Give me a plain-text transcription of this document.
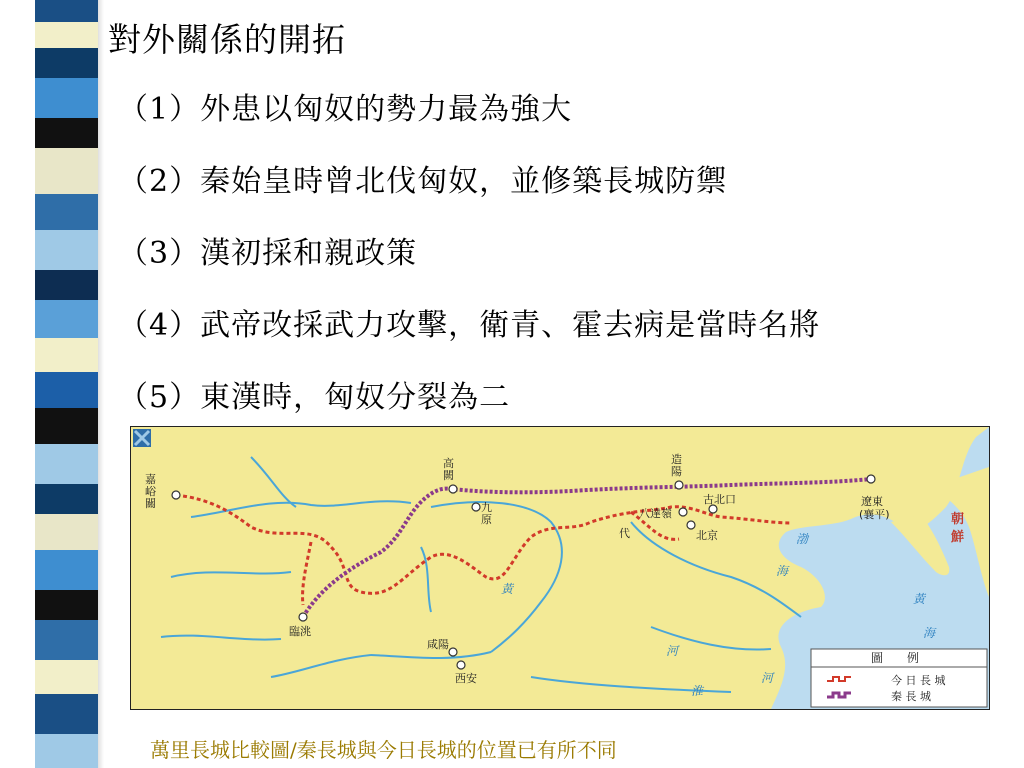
對外關係的開拓
（1）外患以匈奴的勢力最為強大
（2）秦始皇時曾北伐匈奴，並修築長城防禦
（3）漢初採和親政策
（4）武帝改採武力攻擊，衛青、霍去病是當時名將
（5）東漢時，匈奴分裂為二
嘉
峪
關
高
闕
造
陽
九
原
古北口
八達嶺
代	北京
遼東
(襄平)
臨洮
咸陽
西安
朝
鮮
渤
海
黃
海
黃
河
淮
河
圖　　例
今 日 長 城
秦 長 城
萬里長城比較圖/秦長城與今日長城的位置已有所不同
